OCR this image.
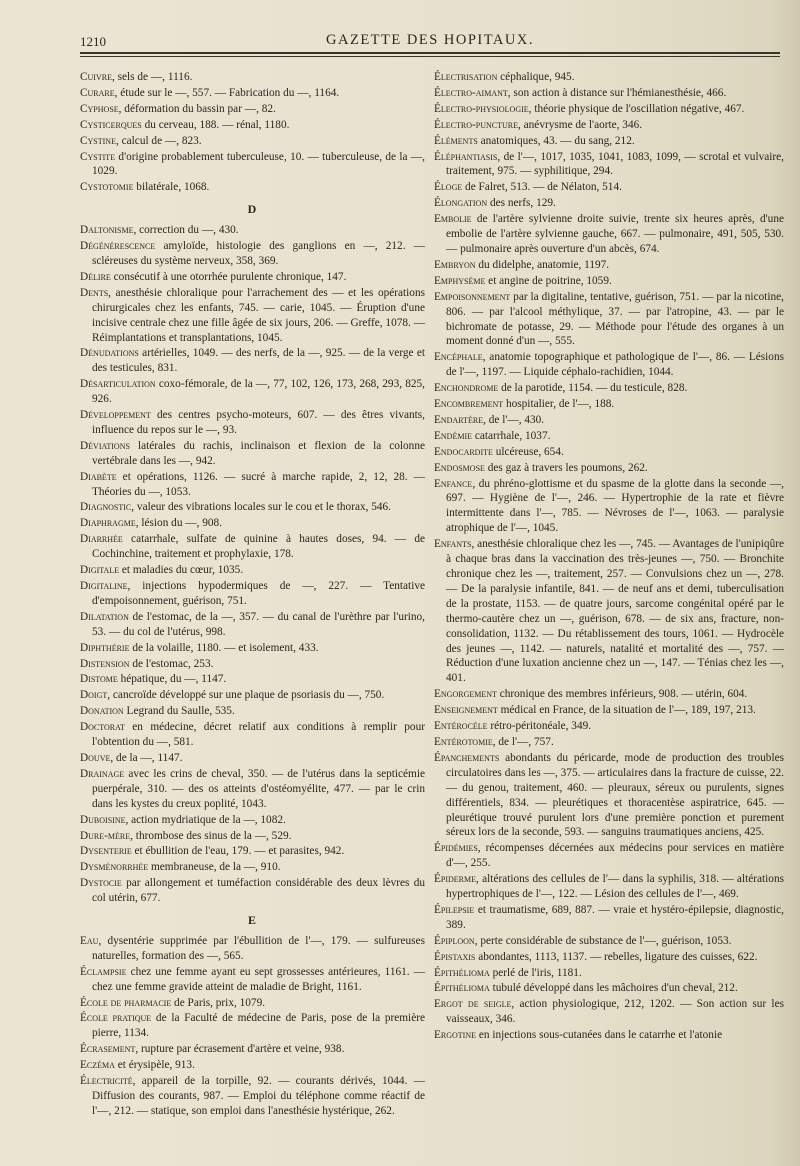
1210	GAZETTE DES HOPITAUX.
Cuivre, sels de —, 1116.
Curare, étude sur le —, 557. — Fabrication du —, 1164.
Cyphose, déformation du bassin par —, 82.
Cysticerques du cerveau, 188. — rénal, 1180.
Cystine, calcul de —, 823.
Cystite d'origine probablement tuberculeuse, 10. — tuberculeuse, de la —, 1029.
Cystotomie bilatérale, 1068.
D
Daltonisme, correction du —, 430.
Dégénérescence amyloïde, histologie des ganglions en —, 212. — scléreuses du système nerveux, 358, 369.
Délire consécutif à une otorrhée purulente chronique, 147.
Dents, anesthésie chloralique pour l'arrachement des — et les opérations chirurgicales chez les enfants, 745. — carie, 1045. — Éruption d'une incisive centrale chez une fille âgée de six jours, 206. — Greffe, 1078. — Réimplantations et transplantations, 1045.
Dénudations artérielles, 1049. — des nerfs, de la —, 925. — de la verge et des testicules, 831.
Désarticulation coxo-fémorale, de la —, 77, 102, 126, 173, 268, 293, 825, 926.
Développement des centres psycho-moteurs, 607. — des êtres vivants, influence du repos sur le —, 93.
Déviations latérales du rachis, inclinaison et flexion de la colonne vertébrale dans les —, 942.
Diabète et opérations, 1126. — sucré à marche rapide, 2, 12, 28. — Théories du —, 1053.
Diagnostic, valeur des vibrations locales sur le cou et le thorax, 546.
Diaphragme, lésion du —, 908.
Diarrhée catarrhale, sulfate de quinine à hautes doses, 94. — de Cochinchine, traitement et prophylaxie, 178.
Digitale et maladies du cœur, 1035.
Digitaline, injections hypodermiques de —, 227. — Tentative d'empoisonnement, guérison, 751.
Dilatation de l'estomac, de la —, 357. — du canal de l'urèthre par l'urino, 53. — du col de l'utérus, 998.
Diphthérie de la volaille, 1180. — et isolement, 433.
Distension de l'estomac, 253.
Distome hépatique, du —, 1147.
Doigt, cancroïde développé sur une plaque de psoriasis du —, 750.
Donation Legrand du Saulle, 535.
Doctorat en médecine, décret relatif aux conditions à remplir pour l'obtention du —, 581.
Douve, de la —, 1147.
Drainage avec les crins de cheval, 350. — de l'utérus dans la septicémie puerpérale, 310. — des os atteints d'ostéomyélite, 477. — par le crin dans les kystes du creux poplité, 1043.
Duboisine, action mydriatique de la —, 1082.
Dure-mère, thrombose des sinus de la —, 529.
Dysenterie et ébullition de l'eau, 179. — et parasites, 942.
Dysménorrhée membraneuse, de la —, 910.
Dystocie par allongement et tuméfaction considérable des deux lèvres du col utérin, 677.
E
Eau, dysentérie supprimée par l'ébullition de l'—, 179. — sulfureuses naturelles, formation des —, 565.
Éclampsie chez une femme ayant eu sept grossesses antérieures, 1161. — chez une femme gravide atteint de maladie de Bright, 1161.
École de pharmacie de Paris, prix, 1079.
École pratique de la Faculté de médecine de Paris, pose de la première pierre, 1134.
Écrasement, rupture par écrasement d'artère et veine, 938.
Eczéma et érysipèle, 913.
Électricité, appareil de la torpille, 92. — courants dérivés, 1044. — Diffusion des courants, 987. — Emploi du téléphone comme réactif de l'—, 212. — statique, son emploi dans l'anesthésie hystérique, 262.
Électrisation céphalique, 945.
Électro-aimant, son action à distance sur l'hémianesthésie, 466.
Électro-physiologie, théorie physique de l'oscillation négative, 467.
Électro-puncture, anévrysme de l'aorte, 346.
Éléments anatomiques, 43. — du sang, 212.
Éléphantiasis, de l'—, 1017, 1035, 1041, 1083, 1099, — scrotal et vulvaire, traitement, 975. — syphilitique, 294.
Éloge de Falret, 513. — de Nélaton, 514.
Élongation des nerfs, 129.
Embolie de l'artère sylvienne droite suivie, trente six heures après, d'une embolie de l'artère sylvienne gauche, 667. — pulmonaire, 491, 505, 530. — pulmonaire après ouverture d'un abcès, 674.
Embryon du didelphe, anatomie, 1197.
Emphysème et angine de poitrine, 1059.
Empoisonnement par la digitaline, tentative, guérison, 751. — par la nicotine, 806. — par l'alcool méthylique, 37. — par l'atropine, 43. — par le bichromate de potasse, 29. — Méthode pour l'étude des organes à un moment donné d'un —, 555.
Encéphale, anatomie topographique et pathologique de l'—, 86. — Lésions de l'—, 1197. — Liquide céphalo-rachidien, 1044.
Enchondrome de la parotide, 1154. — du testicule, 828.
Encombrement hospitalier, de l'—, 188.
Endartère, de l'—, 430.
Endémie catarrhale, 1037.
Endocardite ulcéreuse, 654.
Endosmose des gaz à travers les poumons, 262.
Enfance, du phréno-glottisme et du spasme de la glotte dans la seconde —, 697. — Hygiène de l'—, 246. — Hypertrophie de la rate et fièvre intermittente dans l'—, 785. — Névroses de l'—, 1063. — paralysie atrophique de l'—, 1045.
Enfants, anesthésie chloralique chez les —, 745. — Avantages de l'unipiqûre à chaque bras dans la vaccination des très-jeunes —, 750. — Bronchite chronique chez les —, traitement, 257. — Convulsions chez un —, 278. — De la paralysie infantile, 841. — de neuf ans et demi, tuberculisation de la prostate, 1153. — de quatre jours, sarcome congénital opéré par le thermo-cautère chez un —, guérison, 678. — de six ans, fracture, non-consolidation, 1132. — Du rétablissement des tours, 1061. — Hydrocèle des jeunes —, 1142. — naturels, natalité et mortalité des —, 757. — Réduction d'une luxation ancienne chez un —, 147. — Ténias chez les —, 401.
Engorgement chronique des membres inférieurs, 908. — utérin, 604.
Enseignement médical en France, de la situation de l'—, 189, 197, 213.
Entérocèle rétro-péritonéale, 349.
Entérotomie, de l'—, 757.
Épanchements abondants du péricarde, mode de production des troubles circulatoires dans les —, 375. — articulaires dans la fracture de cuisse, 22. — du genou, traitement, 460. — pleuraux, séreux ou purulents, signes différentiels, 834. — pleurétiques et thoracentèse aspiratrice, 645. — pleurétique trouvé purulent lors d'une première ponction et purement séreux lors de la seconde, 593. — sanguins traumatiques anciens, 425.
Épidémies, récompenses décernées aux médecins pour services en matière d'—, 255.
Épiderme, altérations des cellules de l'— dans la syphilis, 318. — altérations hypertrophiques de l'—, 122. — Lésion des cellules de l'—, 469.
Épilepsie et traumatisme, 689, 887. — vraie et hystéro-épilepsie, diagnostic, 389.
Épiploon, perte considérable de substance de l'—, guérison, 1053.
Épistaxis abondantes, 1113, 1137. — rebelles, ligature des cuisses, 622.
Épithélioma perlé de l'iris, 1181.
Épithélioma tubulé développé dans les mâchoires d'un cheval, 212.
Ergot de seigle, action physiologique, 212, 1202. — Son action sur les vaisseaux, 346.
Ergotine en injections sous-cutanées dans le catarrhe et l'atonie
